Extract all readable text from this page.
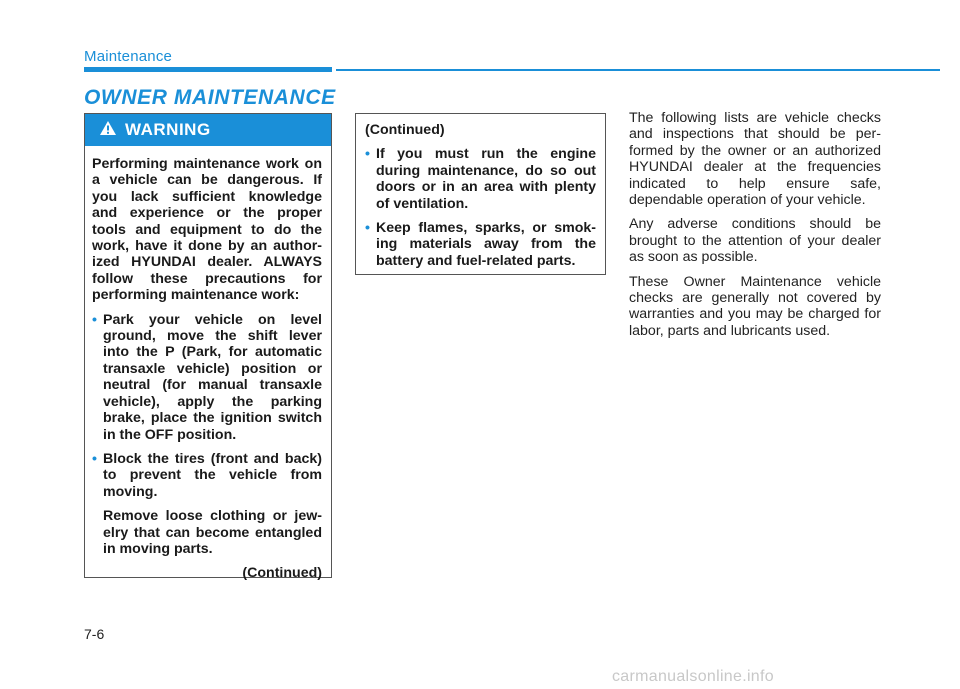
Maintenance
OWNER MAINTENANCE
WARNING

Performing maintenance work on a vehicle can be dangerous. If you lack sufficient knowledge and experience or the proper tools and equipment to do the work, have it done by an authorized HYUNDAI dealer. ALWAYS follow these precautions for performing maintenance work:

• Park your vehicle on level ground, move the shift lever into the P (Park, for automatic transaxle vehicle) position or neutral (for manual transaxle vehicle), apply the parking brake, place the ignition switch in the OFF position.
• Block the tires (front and back) to prevent the vehicle from moving.

Remove loose clothing or jewelry that can become entangled in moving parts.

(Continued)

(Continued)

• If you must run the engine during maintenance, do so out doors or in an area with plenty of ventilation.
• Keep flames, sparks, or smoking materials away from the battery and fuel-related parts.

The following lists are vehicle checks and inspections that should be performed by the owner or an authorized HYUNDAI dealer at the frequencies indicated to help ensure safe, dependable operation of your vehicle.

Any adverse conditions should be brought to the attention of your dealer as soon as possible.

These Owner Maintenance vehicle checks are generally not covered by warranties and you may be charged for labor, parts and lubricants used.

7-6
carmanualsonline.info
